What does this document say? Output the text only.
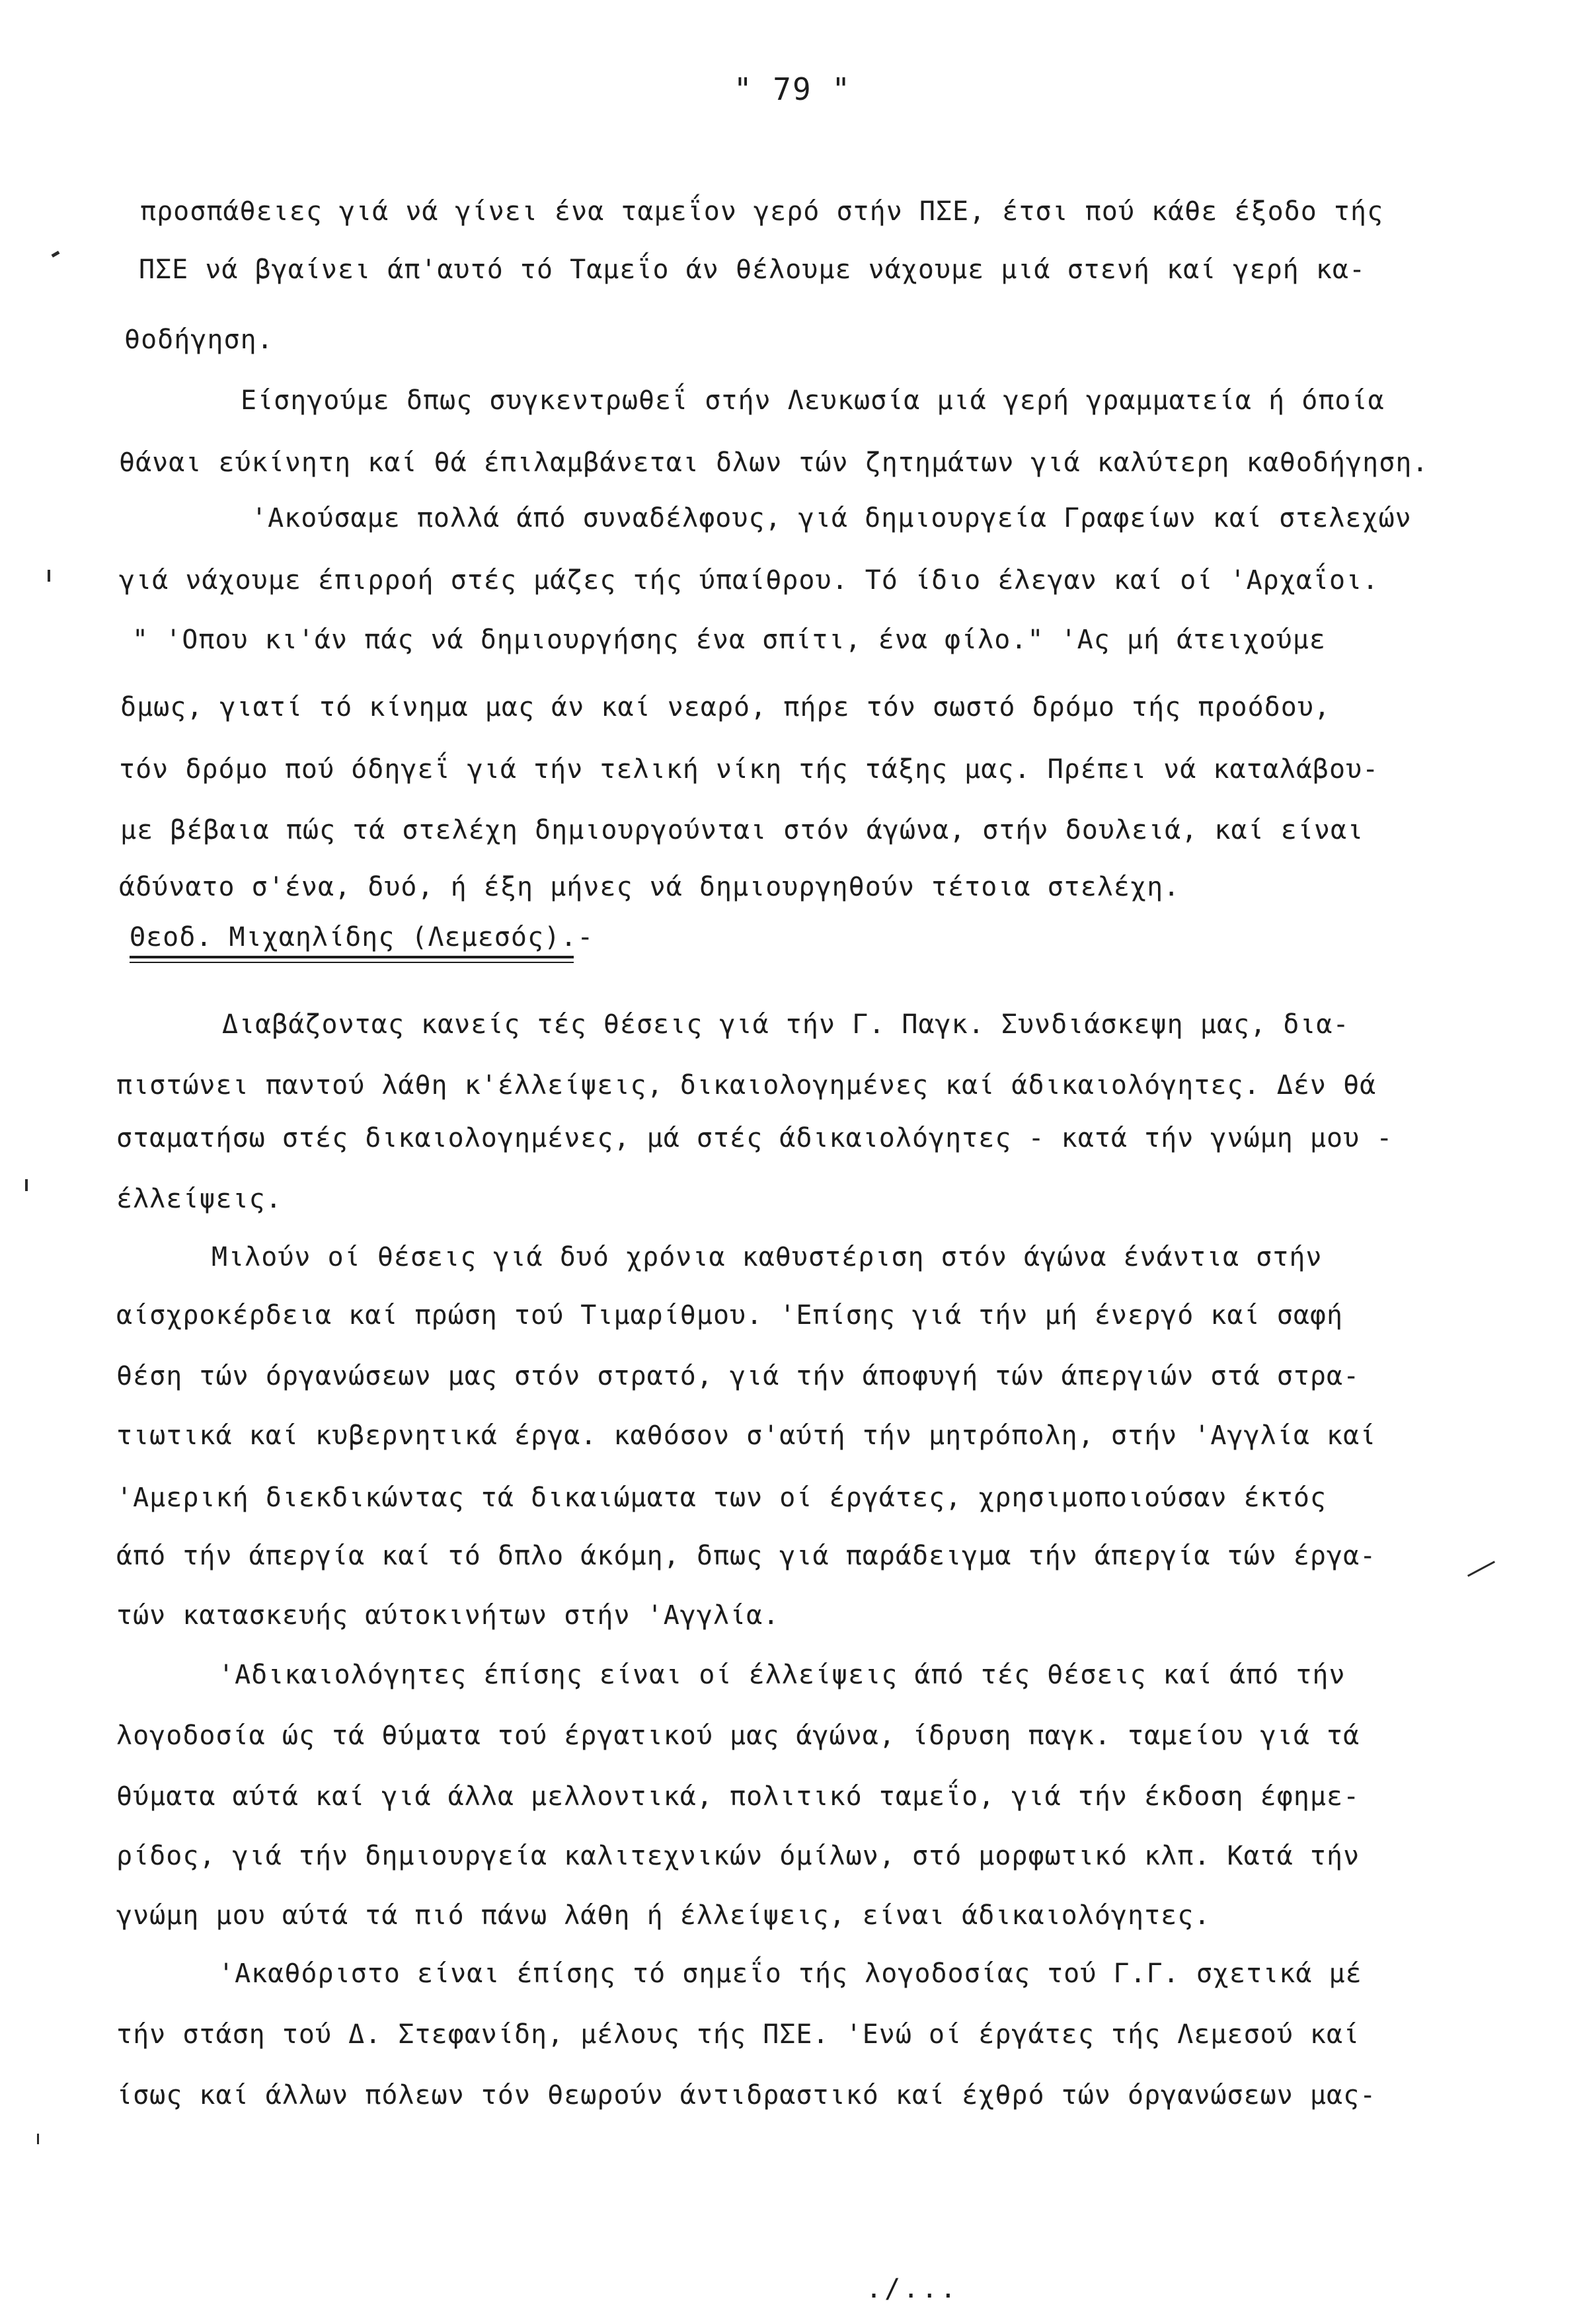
" 79 "
προσπάθειες γιά νά γίνει ένα ταμεΐον γερό στήν ΠΣΕ, έτσι πού κάθε έξοδο τής
ΠΣΕ νά βγαίνει άπ'αυτό τό Ταμεΐο άν θέλουμε νάχουμε μιά στενή καί γερή κα-
θοδήγηση.
Είσηγούμε δπως συγκεντρωθεΐ στήν Λευκωσία μιά γερή γραμματεία ή όποία
θάναι εύκίνητη καί θά έπιλαμβάνεται δλων τών ζητημάτων γιά καλύτερη καθοδήγηση.
'Ακούσαμε πολλά άπό συναδέλφους, γιά δημιουργεία Γραφείων καί στελεχών
γιά νάχουμε έπιρροή στές μάζες τής ύπαίθρου. Τό ίδιο έλεγαν καί οί 'Αρχαΐοι.
" 'Οπου κι'άν πάς νά δημιουργήσης ένα σπίτι, ένα φίλο." 'Ας μή άτειχούμε
δμως, γιατί τό κίνημα μας άν καί νεαρό, πήρε τόν σωστό δρόμο τής προόδου,
τόν δρόμο πού όδηγεΐ γιά τήν τελική νίκη τής τάξης μας. Πρέπει νά καταλάβου-
με βέβαια πώς τά στελέχη δημιουργούνται στόν άγώνα, στήν δουλειά, καί είναι
άδύνατο σ'ένα, δυό, ή έξη μήνες νά δημιουργηθούν τέτοια στελέχη.
Θεοδ. Μιχαηλίδης (Λεμεσός).-
Διαβάζοντας κανείς τές θέσεις γιά τήν Γ. Παγκ. Συνδιάσκεψη μας, δια-
πιστώνει παντού λάθη κ'έλλείψεις, δικαιολογημένες καί άδικαιολόγητες. Δέν θά
σταματήσω στές δικαιολογημένες, μά στές άδικαιολόγητες - κατά τήν γνώμη μου -
έλλείψεις.
Μιλούν οί θέσεις γιά δυό χρόνια καθυστέριση στόν άγώνα ένάντια στήν
αίσχροκέρδεια καί πρώση τού Τιμαρίθμου. 'Επίσης γιά τήν μή ένεργό καί σαφή
θέση τών όργανώσεων μας στόν στρατό, γιά τήν άποφυγή τών άπεργιών στά στρα-
τιωτικά καί κυβερνητικά έργα. καθόσον σ'αύτή τήν μητρόπολη, στήν 'Αγγλία καί
'Αμερική διεκδικώντας τά δικαιώματα των οί έργάτες, χρησιμοποιούσαν έκτός
άπό τήν άπεργία καί τό δπλο άκόμη, δπως γιά παράδειγμα τήν άπεργία τών έργα-
τών κατασκευής αύτοκινήτων στήν 'Αγγλία.
'Αδικαιολόγητες έπίσης είναι οί έλλείψεις άπό τές θέσεις καί άπό τήν
λογοδοσία ώς τά θύματα τού έργατικού μας άγώνα, ίδρυση παγκ. ταμείου γιά τά
θύματα αύτά καί γιά άλλα μελλοντικά, πολιτικό ταμεΐο, γιά τήν έκδοση έφημε-
ρίδος, γιά τήν δημιουργεία καλιτεχνικών όμίλων, στό μορφωτικό κλπ. Κατά τήν
γνώμη μου αύτά τά πιό πάνω λάθη ή έλλείψεις, είναι άδικαιολόγητες.
'Ακαθόριστο είναι έπίσης τό σημεΐο τής λογοδοσίας τού Γ.Γ. σχετικά μέ
τήν στάση τού Δ. Στεφανίδη, μέλους τής ΠΣΕ. 'Ενώ οί έργάτες τής Λεμεσού καί
ίσως καί άλλων πόλεων τόν θεωρούν άντιδραστικό καί έχθρό τών όργανώσεων μας-
./...
